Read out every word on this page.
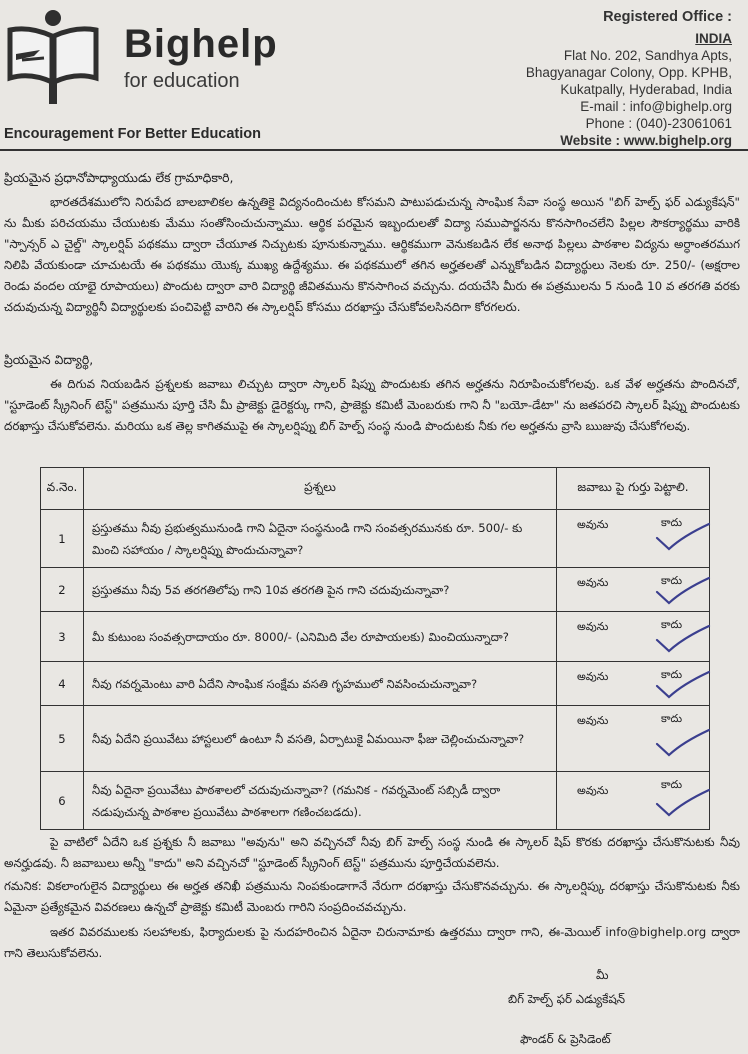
Bighelp
for education
Encouragement For Better Education
Registered Office :
INDIA
Flat No. 202, Sandhya Apts,
Bhagyanagar Colony, Opp. KPHB,
Kukatpally, Hyderabad, India
E-mail : info@bighelp.org
Phone : (040)-23061061
Website : www.bighelp.org
ప్రియమైన ప్రధానోపాధ్యాయుడు లేక గ్రామాధికారి,
భారతదేశములోని నిరుపేద బాలబాలికల ఉన్నతికై విద్యనందించుట కోసమని పాటుపడుచున్న సాంఘిక సేవా సంస్థ అయిన "బిగ్ హెల్ప్ ఫర్ ఎడ్యుకేషన్" ను మీకు పరిచయము చేయుటకు మేము సంతోసించుచున్నాము. ఆర్థిక పరమైన ఇబ్బందులతో విద్యా సముపార్జనను కొనసాగించలేని పిల్లల సౌకర్యార్థము వారికి "స్పాన్సర్ ఎ చైల్డ్" స్కాలర్షిప్ పథకము ద్వారా చేయూత నిచ్చుటకు పూనుకున్నాము. ఆర్థికముగా వెనుకబడిన లేక అనాథ పిల్లలు పాఠశాల విద్యను అర్ధాంతరముగ నిలిపి వేయకుండా చూచుటయే ఈ పథకము యొక్క ముఖ్య ఉద్దేశ్యము. ఈ పథకములో తగిన అర్హతలతో ఎన్నుకోబడిన విద్యార్థులు నెలకు రూ. 250/- (అక్షరాల రెండు వందల యాభై రూపాయలు) పొందుట ద్వారా వారి విద్యార్థి జీవితమును కొనసాగించ వచ్చును. దయచేసి మీరు ఈ పత్రములను 5 నుండి 10 వ తరగతి వరకు చదువుచున్న విద్యార్థినీ విద్యార్థులకు పంచిపెట్టి వారిని ఈ స్కాలర్షిప్ కోసము దరఖాస్తు చేసుకోవలసినదిగా కోరగలరు.
ప్రియమైన విద్యార్థి,
ఈ దిగువ నియబడిన ప్రశ్నలకు జవాబు లిచ్చుట ద్వారా స్కాలర్ షిప్ను పొందుటకు తగిన అర్హతను నిరూపించుకోగలవు. ఒక వేళ అర్హతను పొందినచో, "స్టూడెంట్ స్క్రీనింగ్ టెస్ట్" పత్రమును పూర్తి చేసి మీ ప్రాజెక్టు డైరెక్టర్కు గాని, ప్రాజెక్టు కమిటీ మెంబరుకు గాని నీ "బయో-డేటా" ను జతపరచి స్కాలర్ షిప్ను పొందుటకు దరఖాస్తు చేసుకోవలెను. మరియు ఒక తెల్ల కాగితముపై ఈ స్కాలర్షిప్ను బిగ్ హెల్ప్ సంస్థ నుండి పొందుటకు నీకు గల అర్హతను వ్రాసి ఋజువు చేసుకోగలవు.
వ.నెం.	ప్రశ్నలు	జవాబు పై గుర్తు పెట్టాలి.
1	ప్రస్తుతము నీవు ప్రభుత్వమునుండి గాని ఏదైనా సంస్థనుండి గాని సంవత్సరమునకు రూ. 500/- కు మించి సహాయం / స్కాలర్షిప్ను పొందుచున్నావా?	అవును కాదు

2	ప్రస్తుతము నీవు 5వ తరగతిలోపు గాని 10వ తరగతి పైన గాని చదువుచున్నావా?	అవును కాదు

3	మీ కుటుంబ సంవత్సరాదాయం రూ. 8000/- (ఎనిమిది వేల రూపాయలకు) మించియున్నాదా?	అవును కాదు

4	నీవు గవర్నమెంటు వారి ఏదేని సాంఘిక సంక్షేమ వసతి గృహములో నివసించుచున్నావా?	అవును కాదు

5	నీవు ఏదేని ప్రయివేటు హాస్టలులో ఉంటూ నీ వసతి, ఏర్పాటుకై ఏమయినా ఫీజు చెల్లించుచున్నావా?	అవును కాదు

6	నీవు ఏదైనా ప్రయివేటు పాఠశాలలో చదువుచున్నావా? (గమనిక - గవర్నమెంట్ సబ్సిడీ ద్వారా నడుపుచున్న పాఠశాల ప్రయివేటు పాఠశాలగా గణించబడదు).	అవును కాదు
పై వాటిలో ఏదేని ఒక ప్రశ్నకు నీ జవాబు "అవును" అని వచ్చినచో నీవు బిగ్ హెల్ప్ సంస్థ నుండి ఈ స్కాలర్ షిప్ కొరకు దరఖాస్తు చేసుకొనుటకు నీవు అనర్హుడవు. నీ జవాబులు అన్నీ "కాదు" అని వచ్చినచో "స్టూడెంట్ స్క్రీనింగ్ టెస్ట్" పత్రమును పూర్తిచేయవలెను.
గమనిక: వికలాంగులైన విద్యార్థులు ఈ అర్హత తనిఖీ పత్రమును నింపకుండాగానే నేరుగా దరఖాస్తు చేసుకొనవచ్చును. ఈ స్కాలర్షిప్కు దరఖాస్తు చేసుకొనుటకు నీకు ఏమైనా ప్రత్యేకమైన వివరణలు ఉన్నచో ప్రాజెక్టు కమిటీ మెంబరు గారిని సంప్రదించవచ్చును.
ఇతర వివరములకు సలహాలకు, ఫిర్యాదులకు పై నుదహరించిన ఏదైనా చిరునామాకు ఉత్తరము ద్వారా గాని, ఈ-మెయిల్ info@bighelp.org ద్వారా గాని తెలుసుకోవలెను.
మీ
బిగ్ హెల్ప్ ఫర్ ఎడ్యుకేషన్
ఫౌండర్ & ప్రెసిడెంట్
